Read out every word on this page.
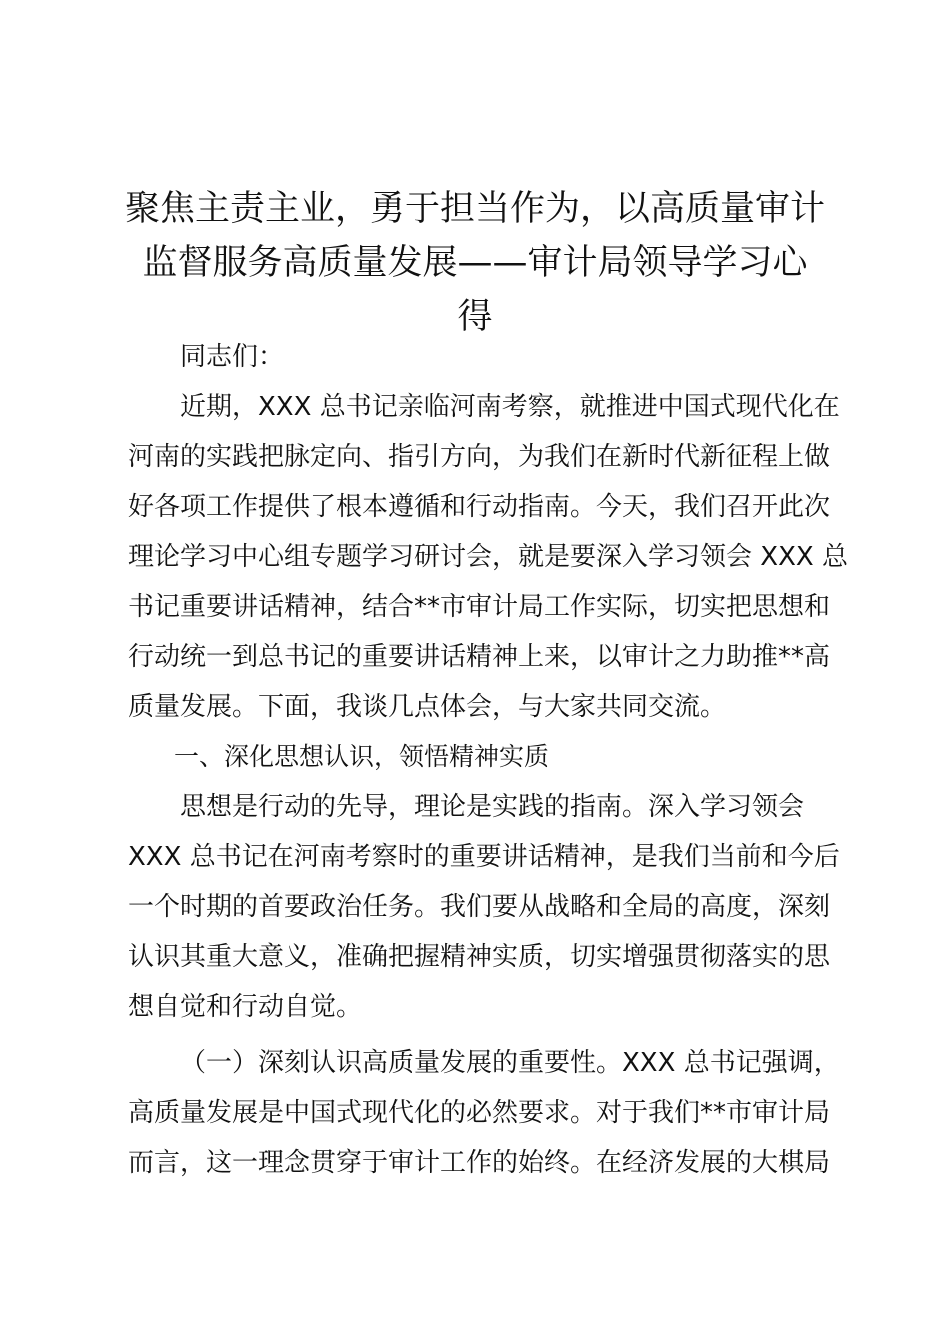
聚焦主责主业，勇于担当作为，以高质量审计
监督服务高质量发展——审计局领导学习心
得

同志们：

近期，XXX 总书记亲临河南考察，就推进中国式现代化在
河南的实践把脉定向、指引方向，为我们在新时代新征程上做
好各项工作提供了根本遵循和行动指南。今天，我们召开此次
理论学习中心组专题学习研讨会，就是要深入学习领会 XXX 总
书记重要讲话精神，结合**市审计局工作实际，切实把思想和
行动统一到总书记的重要讲话精神上来，以审计之力助推**高
质量发展。下面，我谈几点体会，与大家共同交流。

一、深化思想认识，领悟精神实质

思想是行动的先导，理论是实践的指南。深入学习领会
XXX 总书记在河南考察时的重要讲话精神，是我们当前和今后
一个时期的首要政治任务。我们要从战略和全局的高度，深刻
认识其重大意义，准确把握精神实质，切实增强贯彻落实的思
想自觉和行动自觉。

（一）深刻认识高质量发展的重要性。XXX 总书记强调，
高质量发展是中国式现代化的必然要求。对于我们**市审计局
而言，这一理念贯穿于审计工作的始终。在经济发展的大棋局
